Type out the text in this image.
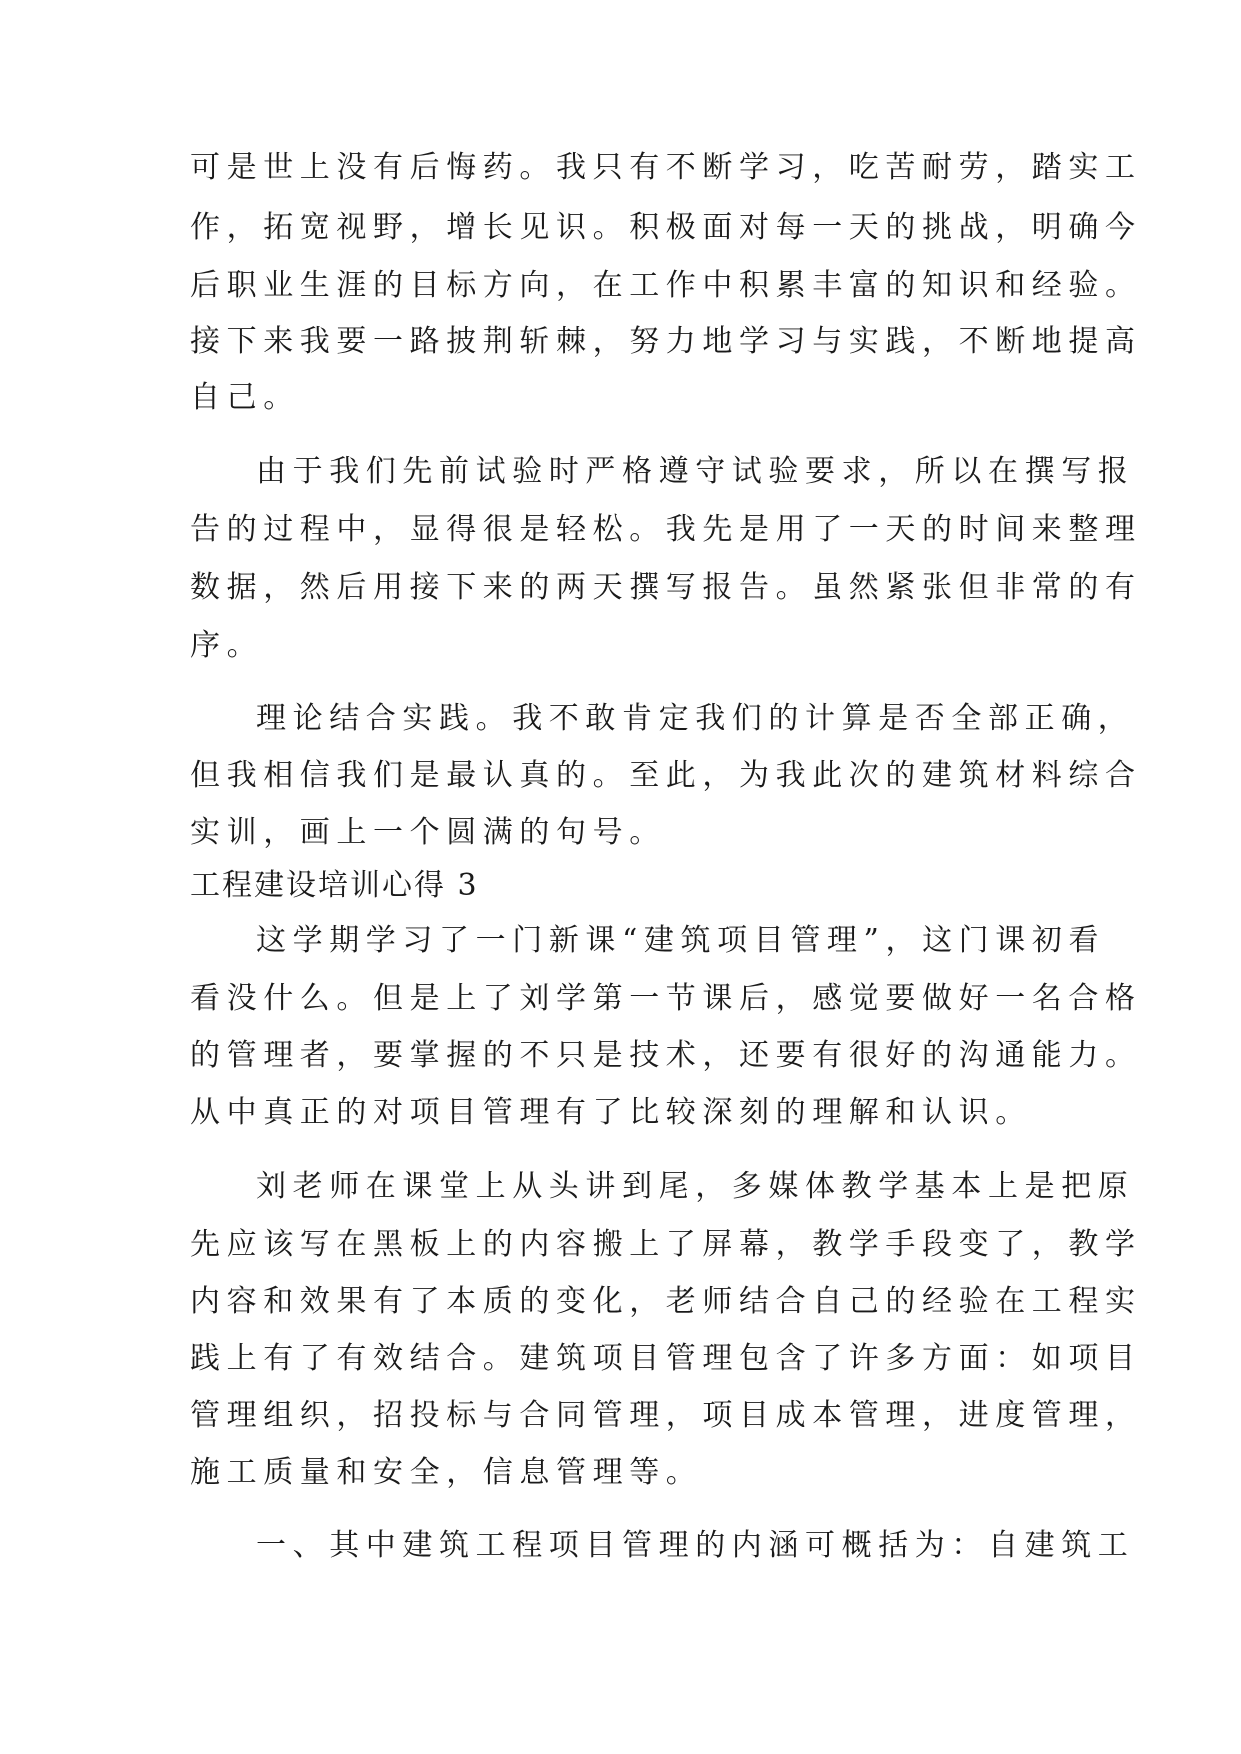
可是世上没有后悔药。我只有不断学习，吃苦耐劳，踏实工

作，拓宽视野，增长见识。积极面对每一天的挑战，明确今

后职业生涯的目标方向，在工作中积累丰富的知识和经验。

接下来我要一路披荆斩棘，努力地学习与实践，不断地提高

自己。

由于我们先前试验时严格遵守试验要求，所以在撰写报

告的过程中，显得很是轻松。我先是用了一天的时间来整理

数据，然后用接下来的两天撰写报告。虽然紧张但非常的有

序。

理论结合实践。我不敢肯定我们的计算是否全部正确，

但我相信我们是最认真的。至此，为我此次的建筑材料综合

实训，画上一个圆满的句号。

工程建设培训心得 3

这学期学习了一门新课“建筑项目管理”，这门课初看

看没什么。但是上了刘学第一节课后，感觉要做好一名合格

的管理者，要掌握的不只是技术，还要有很好的沟通能力。

从中真正的对项目管理有了比较深刻的理解和认识。

刘老师在课堂上从头讲到尾，多媒体教学基本上是把原

先应该写在黑板上的内容搬上了屏幕，教学手段变了，教学

内容和效果有了本质的变化，老师结合自己的经验在工程实

践上有了有效结合。建筑项目管理包含了许多方面：如项目

管理组织，招投标与合同管理，项目成本管理，进度管理，

施工质量和安全，信息管理等。

一、其中建筑工程项目管理的内涵可概括为：自建筑工
